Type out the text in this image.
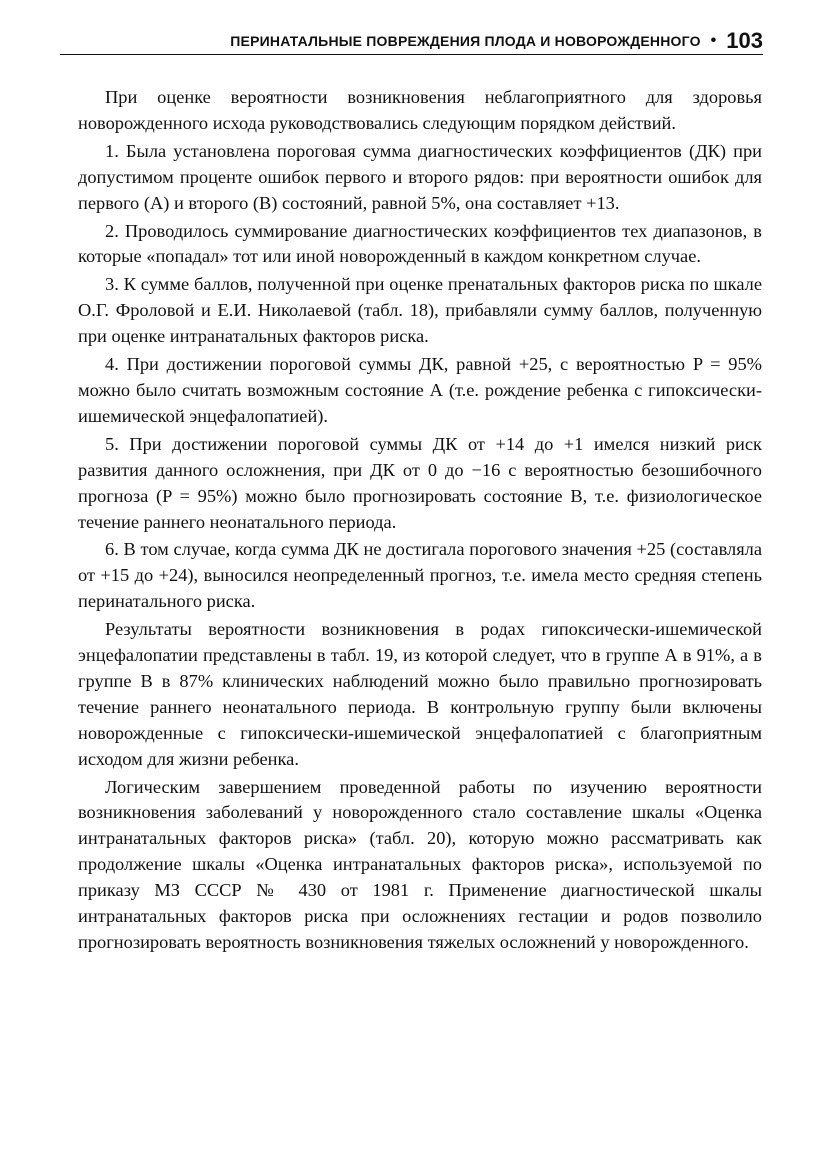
ПЕРИНАТАЛЬНЫЕ ПОВРЕЖДЕНИЯ ПЛОДА И НОВОРОЖДЕННОГО • 103

При оценке вероятности возникновения неблагоприятного для здоровья новорожденного исхода руководствовались следующим порядком действий.

1. Была установлена пороговая сумма диагностических коэффициентов (ДК) при допустимом проценте ошибок первого и второго рядов: при вероятности ошибок для первого (А) и второго (В) состояний, равной 5%, она составляет +13.

2. Проводилось суммирование диагностических коэффициентов тех диапазонов, в которые «попадал» тот или иной новорожденный в каждом конкретном случае.

3. К сумме баллов, полученной при оценке пренатальных факторов риска по шкале О.Г. Фроловой и Е.И. Николаевой (табл. 18), прибавляли сумму баллов, полученную при оценке интранатальных факторов риска.

4. При достижении пороговой суммы ДК, равной +25, с вероятностью P = 95% можно было считать возможным состояние А (т.е. рождение ребенка с гипоксически-ишемической энцефалопатией).

5. При достижении пороговой суммы ДК от +14 до +1 имелся низкий риск развития данного осложнения, при ДК от 0 до −16 с вероятностью безошибочного прогноза (P = 95%) можно было прогнозировать состояние В, т.е. физиологическое течение раннего неонатального периода.

6. В том случае, когда сумма ДК не достигала порогового значения +25 (составляла от +15 до +24), выносился неопределенный прогноз, т.е. имела место средняя степень перинатального риска.

Результаты вероятности возникновения в родах гипоксически-ишемической энцефалопатии представлены в табл. 19, из которой следует, что в группе А в 91%, а в группе В в 87% клинических наблюдений можно было правильно прогнозировать течение раннего неонатального периода. В контрольную группу были включены новорожденные с гипоксически-ишемической энцефалопатией с благоприятным исходом для жизни ребенка.

Логическим завершением проведенной работы по изучению вероятности возникновения заболеваний у новорожденного стало составление шкалы «Оценка интранатальных факторов риска» (табл. 20), которую можно рассматривать как продолжение шкалы «Оценка интранатальных факторов риска», используемой по приказу МЗ СССР № 430 от 1981 г. Применение диагностической шкалы интранатальных факторов риска при осложнениях гестации и родов позволило прогнозировать вероятность возникновения тяжелых осложнений у новорожденного.
